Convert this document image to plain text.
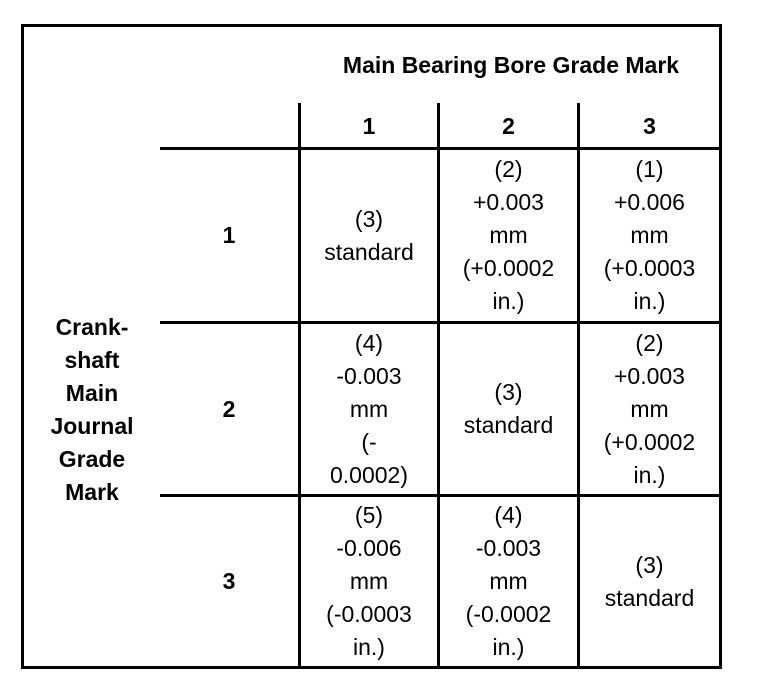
Main Bearing Bore Grade Mark
Crank-
shaft
Main
Journal
Grade
Mark
1	2	3
1
2
3
(3)
standard
(2)
+0.003
mm
(+0.0002
in.)
(1)
+0.006
mm
(+0.0003
in.)
(4)
-0.003
mm
(-
0.0002)
(3)
standard
(2)
+0.003
mm
(+0.0002
in.)
(5)
-0.006
mm
(-0.0003
in.)
(4)
-0.003
mm
(-0.0002
in.)
(3)
standard
